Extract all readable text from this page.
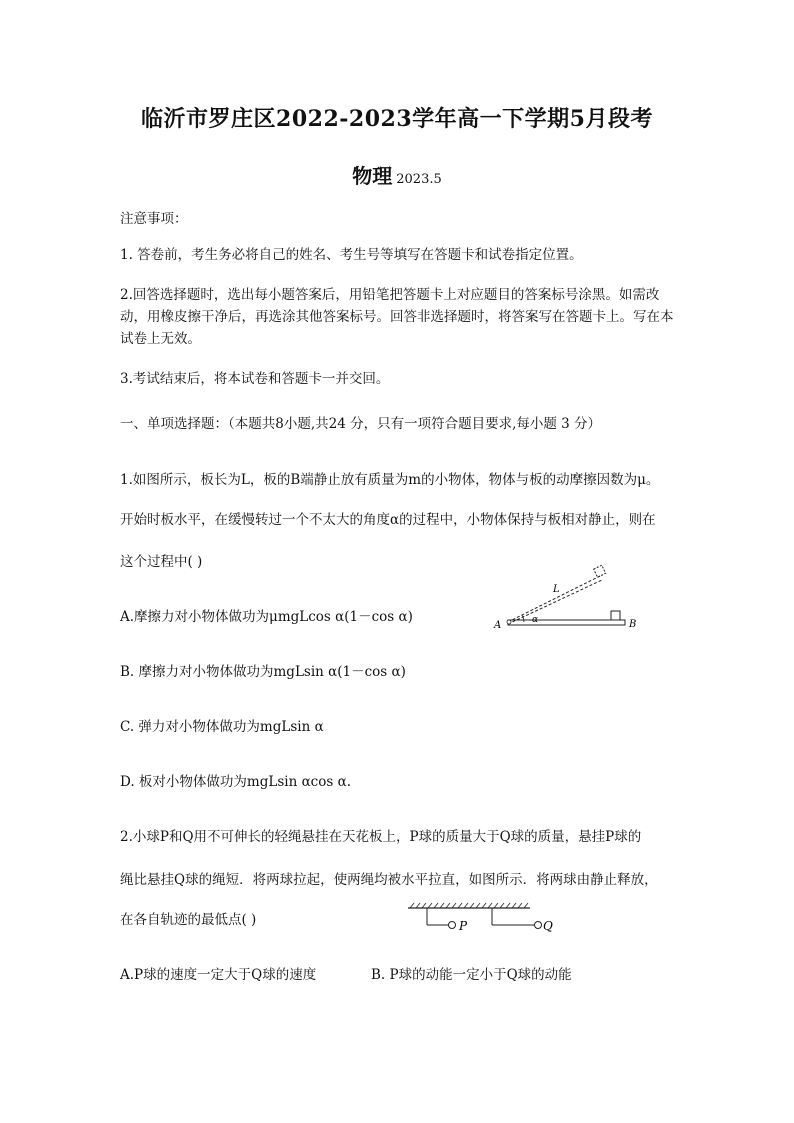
临沂市罗庄区2022-2023学年高一下学期5月段考
物理 2023.5
注意事项：
1. 答卷前，考生务必将自己的姓名、考生号等填写在答题卡和试卷指定位置。
2.回答选择题时，选出每小题答案后，用铅笔把答题卡上对应题目的答案标号涂黑。如需改动，用橡皮擦干净后，再选涂其他答案标号。回答非选择题时，将答案写在答题卡上。写在本试卷上无效。
3.考试结束后，将本试卷和答题卡一并交回。
一、单项选择题：（本题共8小题,共24 分，只有一项符合题目要求,每小题 3 分）
1.如图所示，板长为L，板的B端静止放有质量为m的小物体，物体与板的动摩擦因数为μ。
开始时板水平，在缓慢转过一个不太大的角度α的过程中，小物体保持与板相对静止，则在
这个过程中( )
A.摩擦力对小物体做功为μmgLcos α(1－cos α)
B. 摩擦力对小物体做功为mgLsin α(1－cos α)
C. 弹力对小物体做功为mgLsin α
D. 板对小物体做功为mgLsin αcos α.
A	B
α
L
2.小球P和Q用不可伸长的轻绳悬挂在天花板上，P球的质量大于Q球的质量，悬挂P球的
绳比悬挂Q球的绳短．将两球拉起，使两绳均被水平拉直，如图所示．将两球由静止释放，
在各自轨迹的最低点( )	P	Q
A.P球的速度一定大于Q球的速度	B. P球的动能一定小于Q球的动能
